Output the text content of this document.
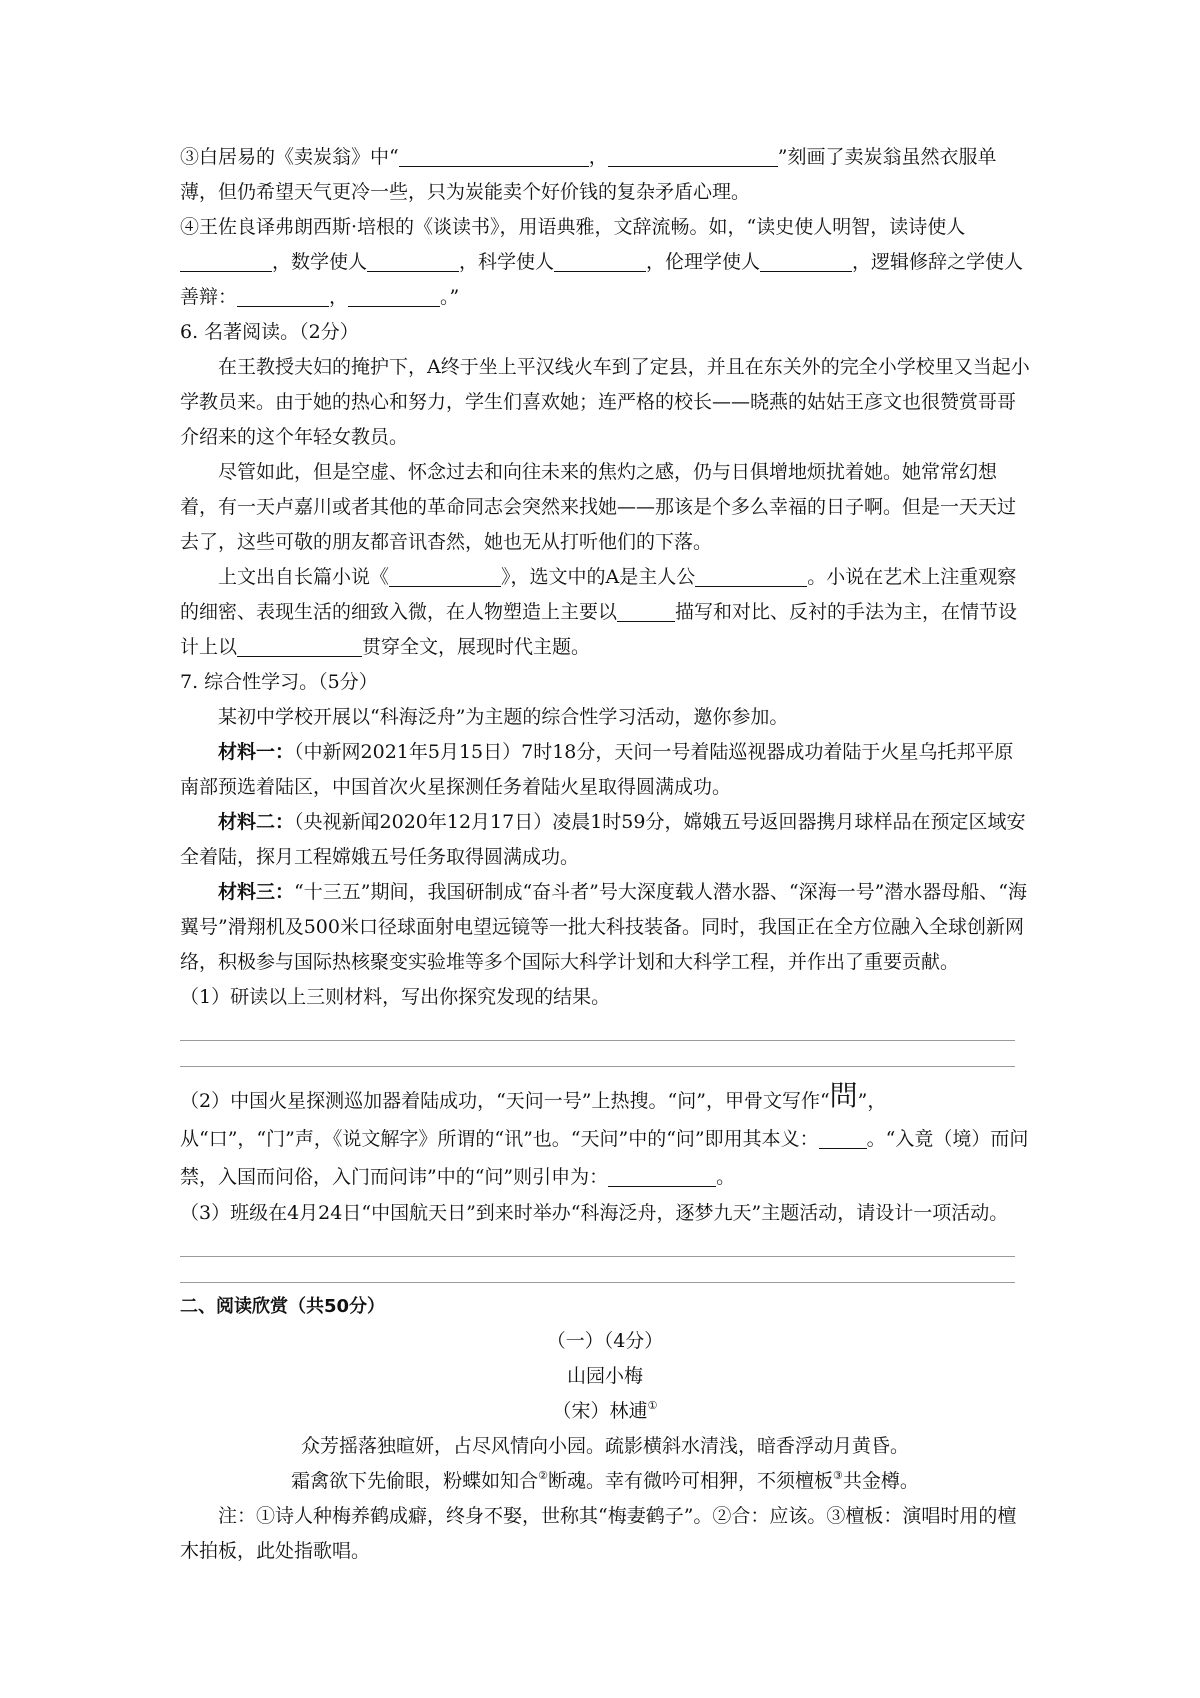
③白居易的《卖炭翁》中“	，	”刻画了卖炭翁虽然衣服单薄，但仍希望天气更冷一些，只为炭能卖个好价钱的复杂矛盾心理。

④王佐良译弗朗西斯·培根的《谈读书》，用语典雅，文辞流畅。如，“读史使人明智，读诗使人，数学使人	，科学使人	，伦理学使人	，逻辑修辞之学使人善辩：	，	。”

6. 名著阅读。（2分）

在王教授夫妇的掩护下，A终于坐上平汉线火车到了定县，并且在东关外的完全小学校里又当起小学教员来。由于她的热心和努力，学生们喜欢她；连严格的校长——晓燕的姑姑王彦文也很赞赏哥哥介绍来的这个年轻女教员。

尽管如此，但是空虚、怀念过去和向往未来的焦灼之感，仍与日俱增地烦扰着她。她常常幻想着，有一天卢嘉川或者其他的革命同志会突然来找她——那该是个多么幸福的日子啊。但是一天天过去了，这些可敬的朋友都音讯杳然，她也无从打听他们的下落。

上文出自长篇小说《	》，选文中的A是主人公	。小说在艺术上注重观察的细密、表现生活的细致入微，在人物塑造上主要以	描写和对比、反衬的手法为主，在情节设计上以	贯穿全文，展现时代主题。

7. 综合性学习。（5分）

某初中学校开展以“科海泛舟”为主题的综合性学习活动，邀你参加。

材料一：（中新网2021年5月15日）7时18分，天问一号着陆巡视器成功着陆于火星乌托邦平原南部预选着陆区，中国首次火星探测任务着陆火星取得圆满成功。

材料二：（央视新闻2020年12月17日）凌晨1时59分，嫦娥五号返回器携月球样品在预定区域安全着陆，探月工程嫦娥五号任务取得圆满成功。

材料三：“十三五”期间，我国研制成“奋斗者”号大深度载人潜水器、“深海一号”潜水器母船、“海翼号”滑翔机及500米口径球面射电望远镜等一批大科技装备。同时，我国正在全方位融入全球创新网络，积极参与国际热核聚变实验堆等多个国际大科学计划和大科学工程，并作出了重要贡献。

（1）研读以上三则材料，写出你探究发现的结果。

（2）中国火星探测巡加器着陆成功，“天问一号”上热搜。“问”，甲骨文写作“問”，从“口”，“门”声，《说文解字》所谓的“讯”也。“天问”中的“问”即用其本义：	。“入竟（境）而问禁，入国而问俗，入门而问讳”中的“问”则引申为：	。

（3）班级在4月24日“中国航天日”到来时举办“科海泛舟，逐梦九天”主题活动，请设计一项活动。

二、阅读欣赏（共50分）

（一）（4分）

山园小梅

（宋）林逋①

众芳摇落独暄妍，占尽风情向小园。疏影横斜水清浅，暗香浮动月黄昏。

霜禽欲下先偷眼，粉蝶如知合②断魂。幸有微吟可相狎，不须檀板③共金樽。

注：①诗人种梅养鹤成癖，终身不娶，世称其“梅妻鹤子”。②合：应该。③檀板：演唱时用的檀木拍板，此处指歌唱。
